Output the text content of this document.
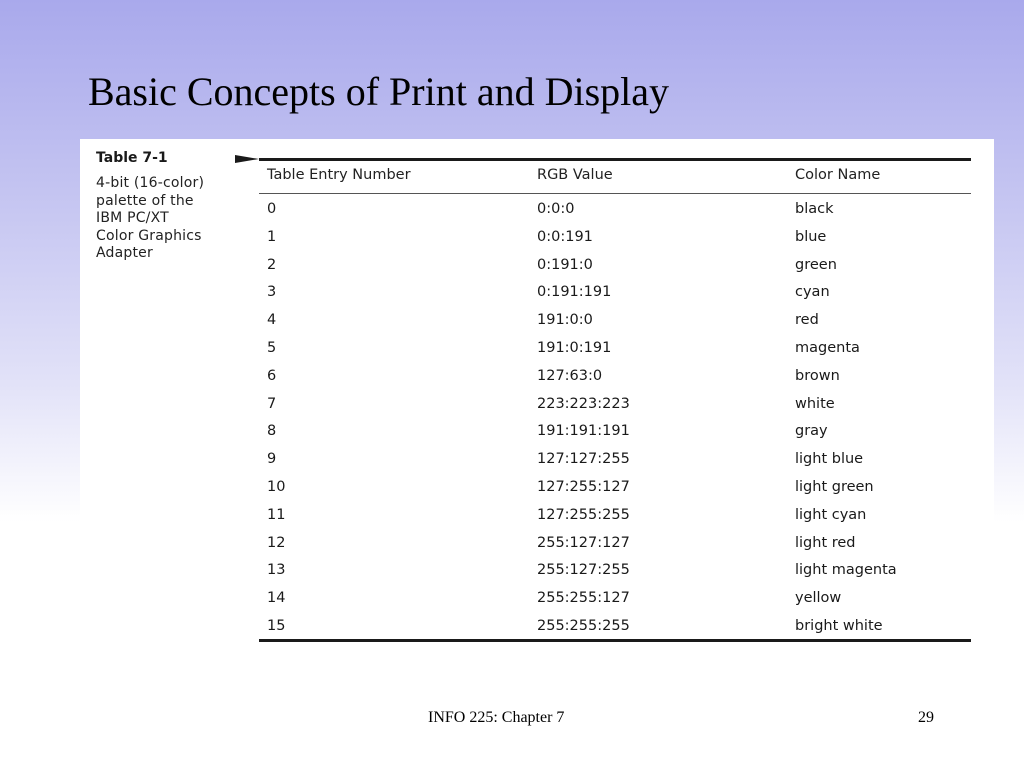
Basic Concepts of Print and Display
Table 7-1
4-bit (16-color)
palette of the
IBM PC/XT
Color Graphics
Adapter
Table Entry Number	RGB Value	Color Name
0	0:0:0	black
1	0:0:191	blue
2	0:191:0	green
3	0:191:191	cyan
4	191:0:0	red
5	191:0:191	magenta
6	127:63:0	brown
7	223:223:223	white
8	191:191:191	gray
9	127:127:255	light blue
10	127:255:127	light green
11	127:255:255	light cyan
12	255:127:127	light red
13	255:127:255	light magenta
14	255:255:127	yellow
15	255:255:255	bright white
INFO 225: Chapter 7	29
